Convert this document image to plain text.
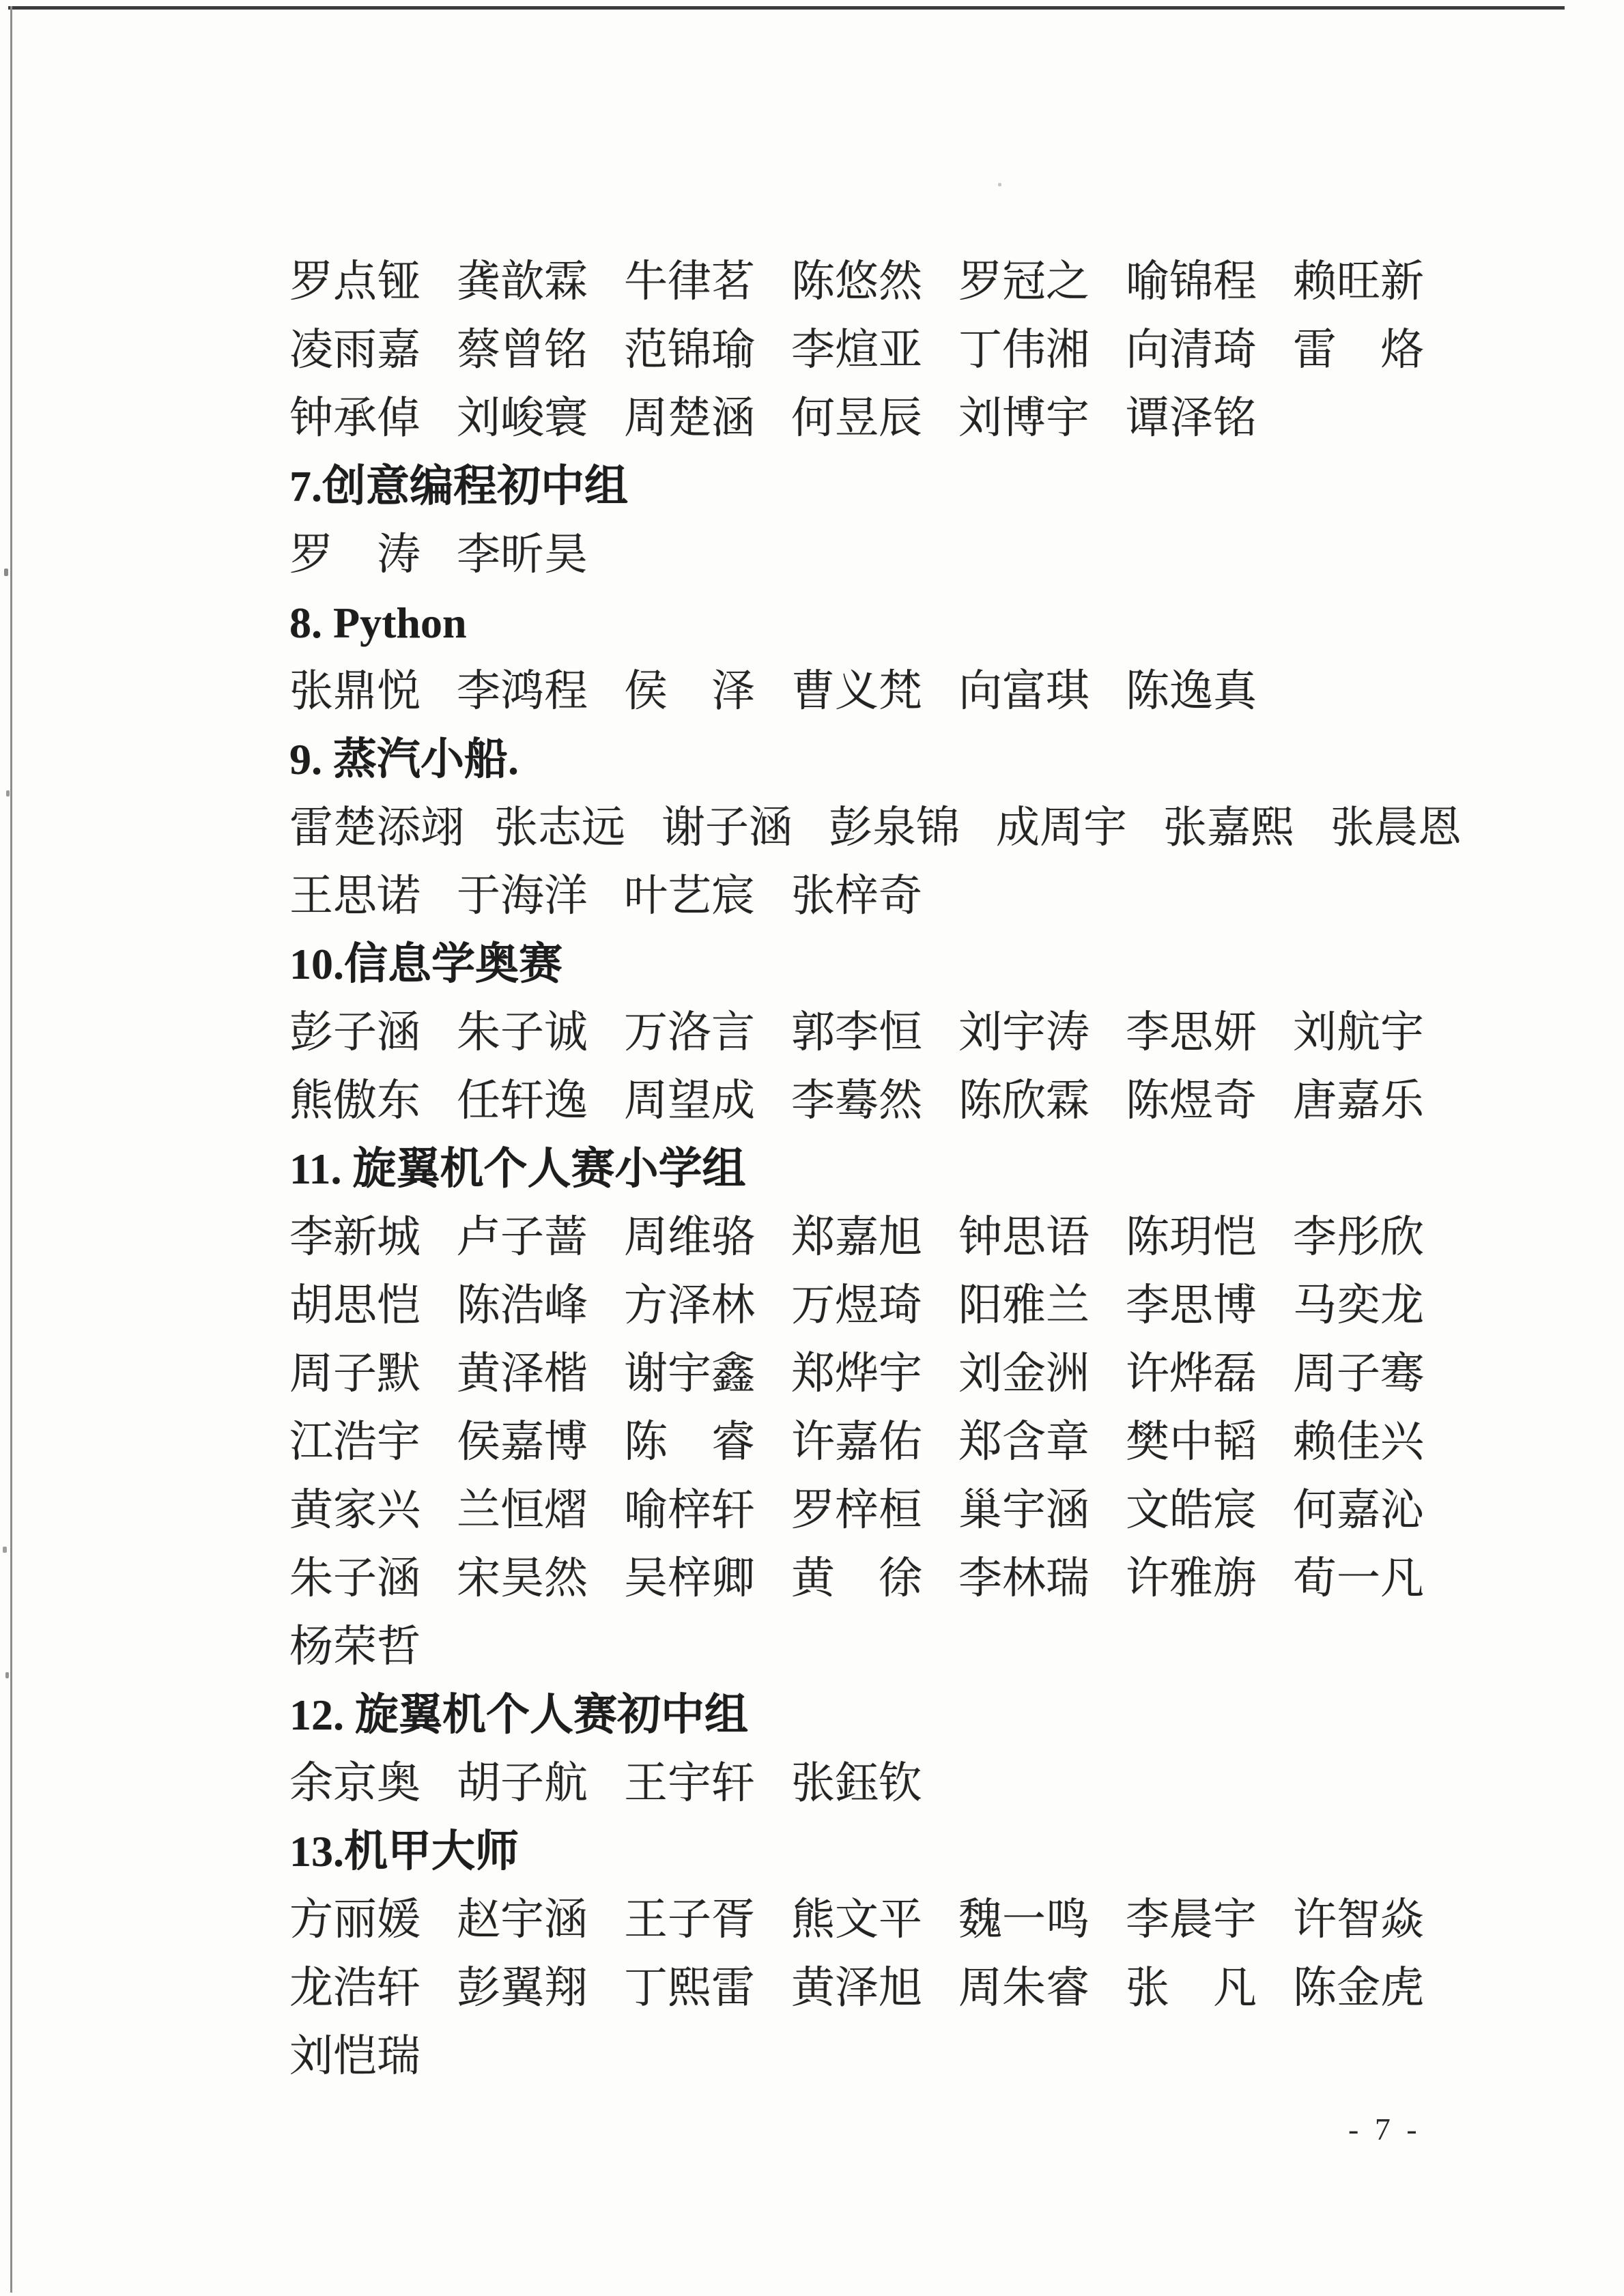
罗点铔 龚歆霖 牛律茗 陈悠然 罗冠之 喻锦程 赖旺新
凌雨嘉 蔡曾铭 范锦瑜 李煊亚 丁伟湘 向清琦 雷　烙
钟承倬 刘峻寰 周楚涵 何昱辰 刘博宇 谭泽铭
7.创意编程初中组
罗　涛 李昕昊
8. Python
张鼎悦 李鸿程 侯　泽 曹义梵 向富琪 陈逸真
9. 蒸汽小船.
雷楚添翊 张志远 谢子涵 彭泉锦 成周宇 张嘉熙 张晨恩
王思诺 于海洋 叶艺宸 张梓奇
10.信息学奥赛
彭子涵 朱子诚 万洛言 郭李恒 刘宇涛 李思妍 刘航宇
熊傲东 任轩逸 周望成 李蓦然 陈欣霖 陈煜奇 唐嘉乐
11. 旋翼机个人赛小学组
李新城 卢子蔷 周维骆 郑嘉旭 钟思语 陈玥恺 李彤欣
胡思恺 陈浩峰 方泽林 万煜琦 阳雅兰 李思博 马奕龙
周子默 黄泽楷 谢宇鑫 郑烨宇 刘金洲 许烨磊 周子骞
江浩宇 侯嘉博 陈　睿 许嘉佑 郑含章 樊中韬 赖佳兴
黄家兴 兰恒熠 喻梓轩 罗梓桓 巢宇涵 文皓宸 何嘉沁
朱子涵 宋昊然 吴梓卿 黄　徐 李林瑞 许雅旃 荀一凡
杨荣哲
12. 旋翼机个人赛初中组
余京奥 胡子航 王宇轩 张鈺钦
13.机甲大师
方丽媛 赵宇涵 王子胥 熊文平 魏一鸣 李晨宇 许智焱
龙浩轩 彭翼翔 丁熙雷 黄泽旭 周朱睿 张　凡 陈金虎
刘恺瑞
- 7 -
